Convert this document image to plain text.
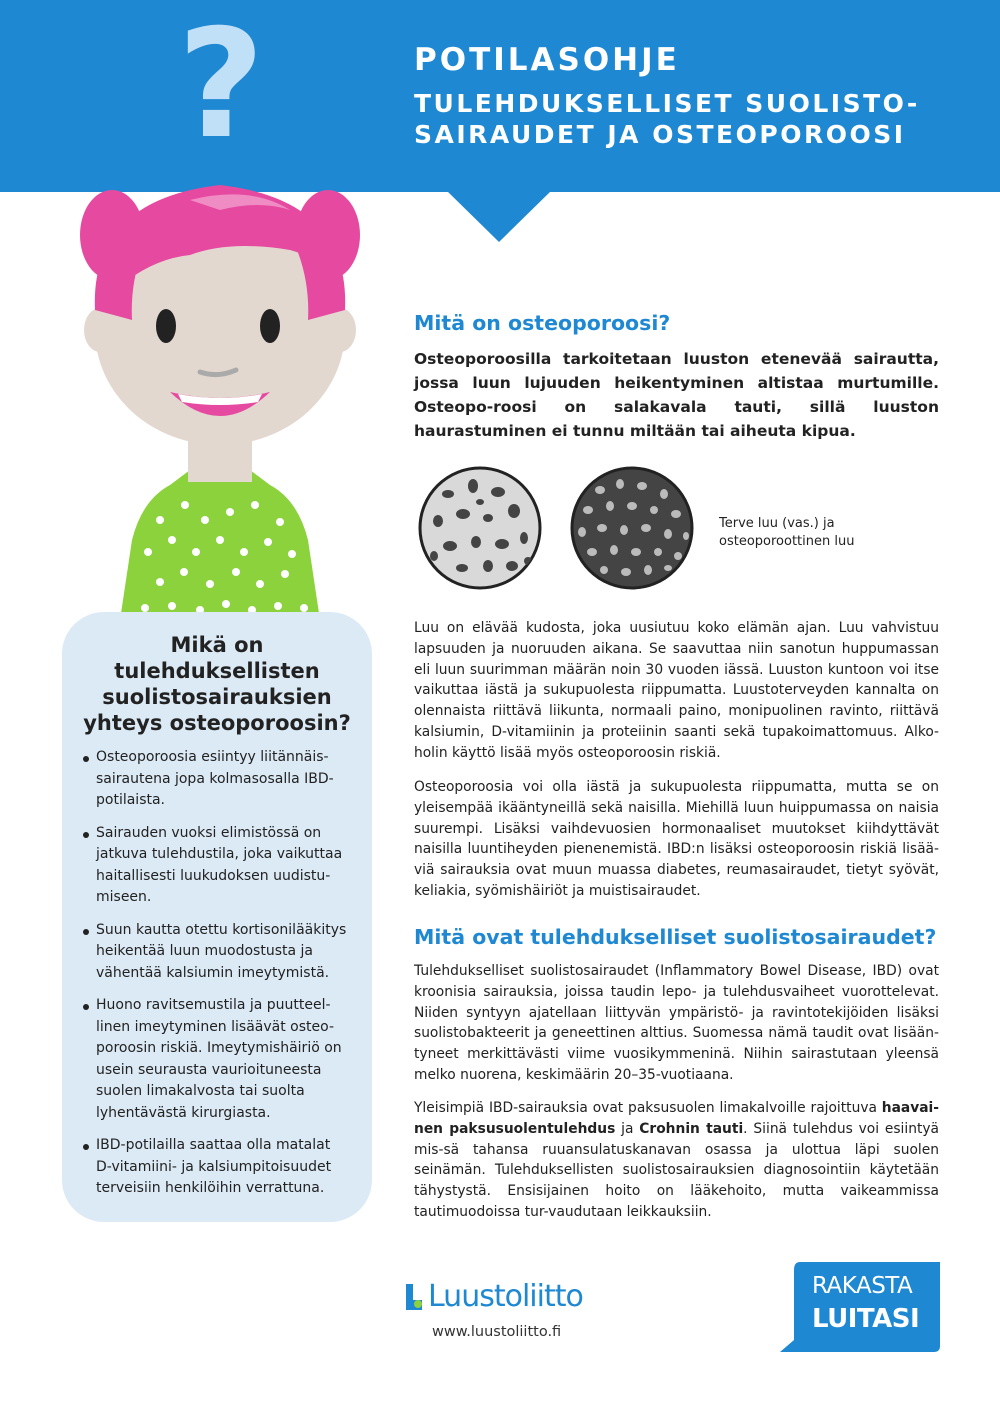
?	POTILASOHJE
TULEHDUKSELLISET SUOLISTO-
SAIRAUDET JA OSTEOPOROOSI
Mikä on tulehduksellisten suolistosairauksien yhteys osteoporoosin?
Osteoporoosia esiintyy liitännäis-sairautena jopa kolmasosalla IBD-potilaista.
Sairauden vuoksi elimistössä on jatkuva tulehdustila, joka vaikuttaa haitallisesti luukudoksen uudistu-miseen.
Suun kautta otettu kortisonilääkitys heikentää luun muodostusta ja vähentää kalsiumin imeytymistä.
Huono ravitsemustila ja puutteel-linen imeytyminen lisäävät osteo-poroosin riskiä. Imeytymishäiriö on usein seurausta vaurioituneesta suolen limakalvosta tai suolta lyhentävästä kirurgiasta.
IBD-potilailla saattaa olla matalat D-vitamiini- ja kalsiumpitoisuudet terveisiin henkilöihin verrattuna.
Mitä on osteoporoosi?

Osteoporoosilla tarkoitetaan luuston etenevää sairautta, jossa luun lujuuden heikentyminen altistaa murtumille. Osteopo-roosi on salakavala tauti, sillä luuston haurastuminen ei tunnu miltään tai aiheuta kipua.

Terve luu (vas.) ja
osteoporoottinen luu

Luu on elävää kudosta, joka uusiutuu koko elämän ajan. Luu vahvistuu lapsuuden ja nuoruuden aikana. Se saavuttaa niin sanotun huppumassan eli luun suurimman määrän noin 30 vuoden iässä. Luuston kuntoon voi itse vaikuttaa iästä ja sukupuolesta riippumatta. Luustoterveyden kannalta on olennaista riittävä liikunta, normaali paino, monipuolinen ravinto, riittävä kalsiumin, D-vitamiinin ja proteiinin saanti sekä tupakoimattomuus. Alko-holin käyttö lisää myös osteoporoosin riskiä.

Osteoporoosia voi olla iästä ja sukupuolesta riippumatta, mutta se on yleisempää ikääntyneillä sekä naisilla. Miehillä luun huippumassa on naisia suurempi. Lisäksi vaihdevuosien hormonaaliset muutokset kiihdyttävät naisilla luuntiheyden pienenemistä. IBD:n lisäksi osteoporoosin riskiä lisää-viä sairauksia ovat muun muassa diabetes, reumasairaudet, tietyt syövät, keliakia, syömishäiriöt ja muistisairaudet.

Mitä ovat tulehdukselliset suolistosairaudet?

Tulehdukselliset suolistosairaudet (Inflammatory Bowel Disease, IBD) ovat kroonisia sairauksia, joissa taudin lepo- ja tulehdusvaiheet vuorottelevat. Niiden syntyyn ajatellaan liittyvän ympäristö- ja ravintotekijöiden lisäksi suolistobakteerit ja geneettinen alttius. Suomessa nämä taudit ovat lisään-tyneet merkittävästi viime vuosikymmeninä. Niihin sairastutaan yleensä melko nuorena, keskimäärin 20–35-vuotiaana.

Yleisimpiä IBD-sairauksia ovat paksusuolen limakalvoille rajoittuva haavai-nen paksusuolentulehdus ja Crohnin tauti. Siinä tulehdus voi esiintyä mis-sä tahansa ruuansulatuskanavan osassa ja ulottua läpi suolen seinämän. Tulehduksellisten suolistosairauksien diagnosointiin käytetään tähystystä. Ensisijainen hoito on lääkehoito, mutta vaikeammissa tautimuodoissa tur-vaudutaan leikkauksiin.

Luustoliitto

www.luustoliitto.fi

RAKASTA
LUITASI
